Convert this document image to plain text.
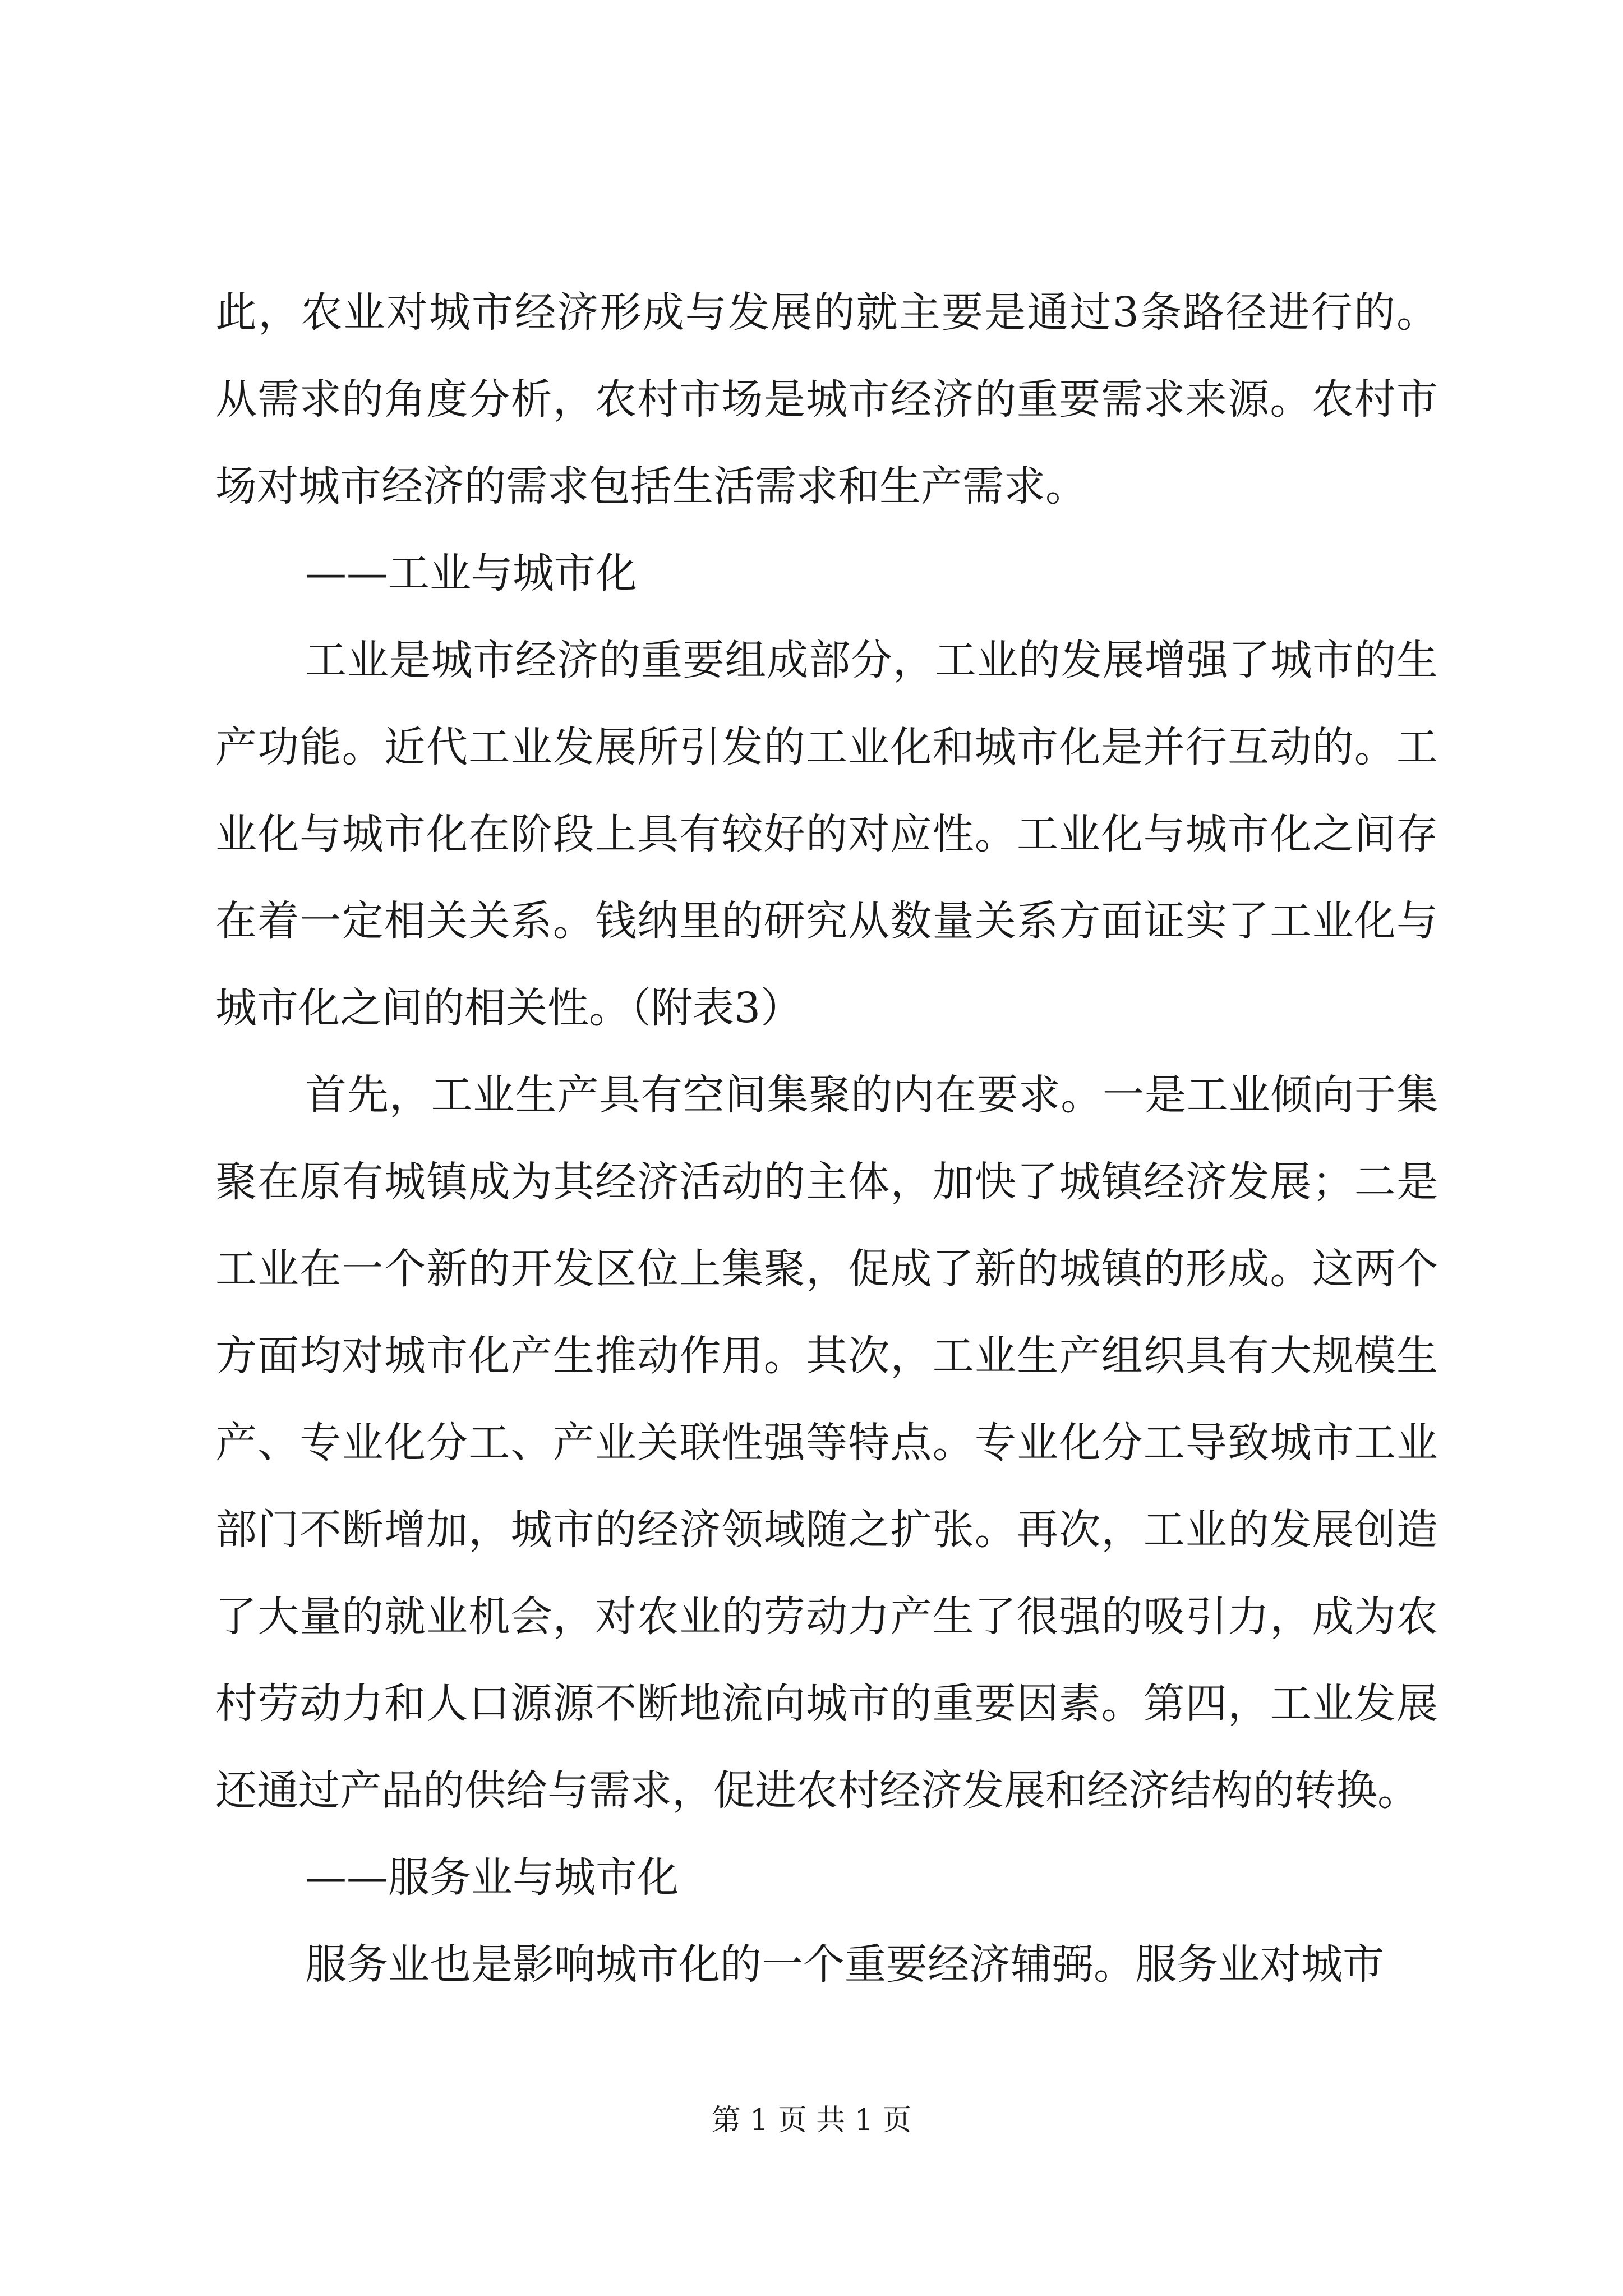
此，农业对城市经济形成与发展的就主要是通过3条路径进行的。从需求的角度分析，农村市场是城市经济的重要需求来源。农村市场对城市经济的需求包括生活需求和生产需求。

——工业与城市化

工业是城市经济的重要组成部分，工业的发展增强了城市的生产功能。近代工业发展所引发的工业化和城市化是并行互动的。工业化与城市化在阶段上具有较好的对应性。工业化与城市化之间存在着一定相关关系。钱纳里的研究从数量关系方面证实了工业化与城市化之间的相关性。（附表3）

首先，工业生产具有空间集聚的内在要求。一是工业倾向于集聚在原有城镇成为其经济活动的主体，加快了城镇经济发展；二是工业在一个新的开发区位上集聚，促成了新的城镇的形成。这两个方面均对城市化产生推动作用。其次，工业生产组织具有大规模生产、专业化分工、产业关联性强等特点。专业化分工导致城市工业部门不断增加，城市的经济领域随之扩张。再次，工业的发展创造了大量的就业机会，对农业的劳动力产生了很强的吸引力，成为农村劳动力和人口源源不断地流向城市的重要因素。第四，工业发展还通过产品的供给与需求，促进农村经济发展和经济结构的转换。

——服务业与城市化

服务业也是影响城市化的一个重要经济辅弼。服务业对城市

第 1 页 共 1 页
